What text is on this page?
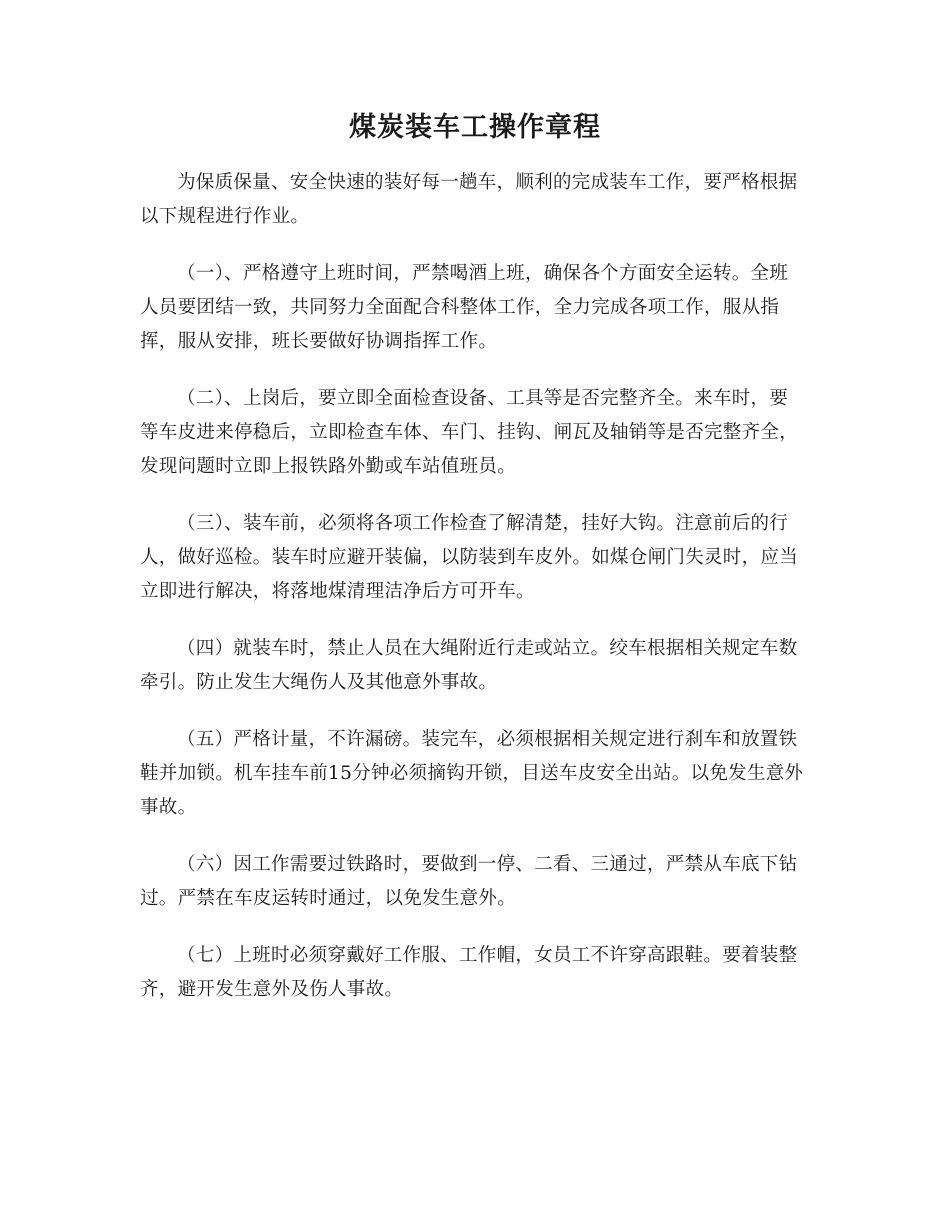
煤炭装车工操作章程

为保质保量、安全快速的装好每一趟车，顺利的完成装车工作，要严格根据以下规程进行作业。

（一）、严格遵守上班时间，严禁喝酒上班，确保各个方面安全运转。全班人员要团结一致，共同努力全面配合科整体工作，全力完成各项工作，服从指挥，服从安排，班长要做好协调指挥工作。

（二）、上岗后，要立即全面检查设备、工具等是否完整齐全。来车时，要等车皮进来停稳后，立即检查车体、车门、挂钩、闸瓦及轴销等是否完整齐全，发现问题时立即上报铁路外勤或车站值班员。

（三）、装车前，必须将各项工作检查了解清楚，挂好大钩。注意前后的行人，做好巡检。装车时应避开装偏，以防装到车皮外。如煤仓闸门失灵时，应当立即进行解决，将落地煤清理洁净后方可开车。

（四）就装车时，禁止人员在大绳附近行走或站立。绞车根据相关规定车数牵引。防止发生大绳伤人及其他意外事故。

（五）严格计量，不许漏磅。装完车，必须根据相关规定进行刹车和放置铁鞋并加锁。机车挂车前15分钟必须摘钩开锁，目送车皮安全出站。以免发生意外事故。

（六）因工作需要过铁路时，要做到一停、二看、三通过，严禁从车底下钻过。严禁在车皮运转时通过，以免发生意外。

（七）上班时必须穿戴好工作服、工作帽，女员工不许穿高跟鞋。要着装整齐，避开发生意外及伤人事故。
